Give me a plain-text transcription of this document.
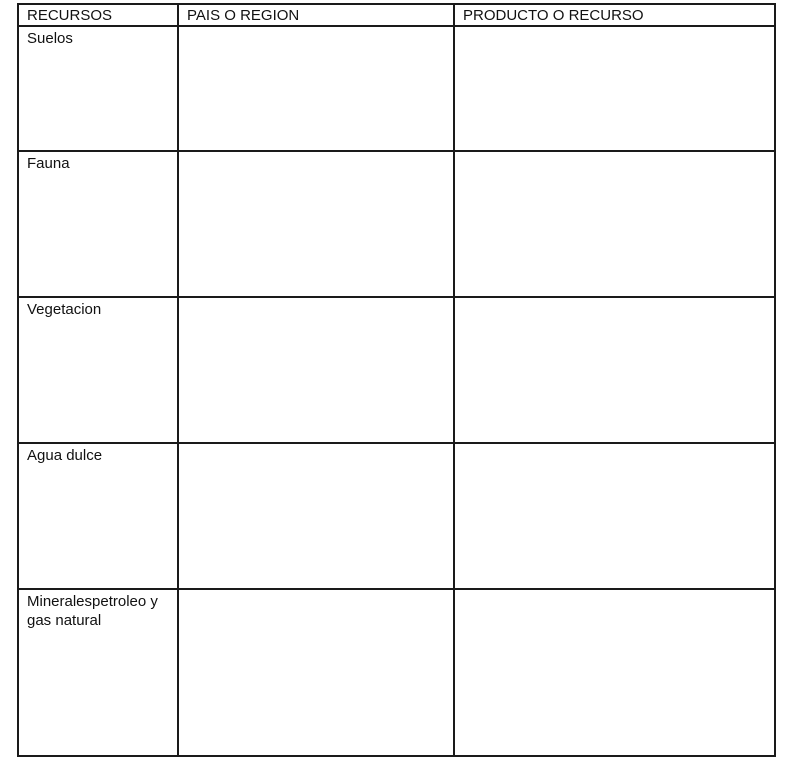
RECURSOS	PAIS O REGION	PRODUCTO O RECURSO

Suelos		

Fauna		

Vegetacion		

Agua dulce		

Mineralespetroleo y gas natural		
